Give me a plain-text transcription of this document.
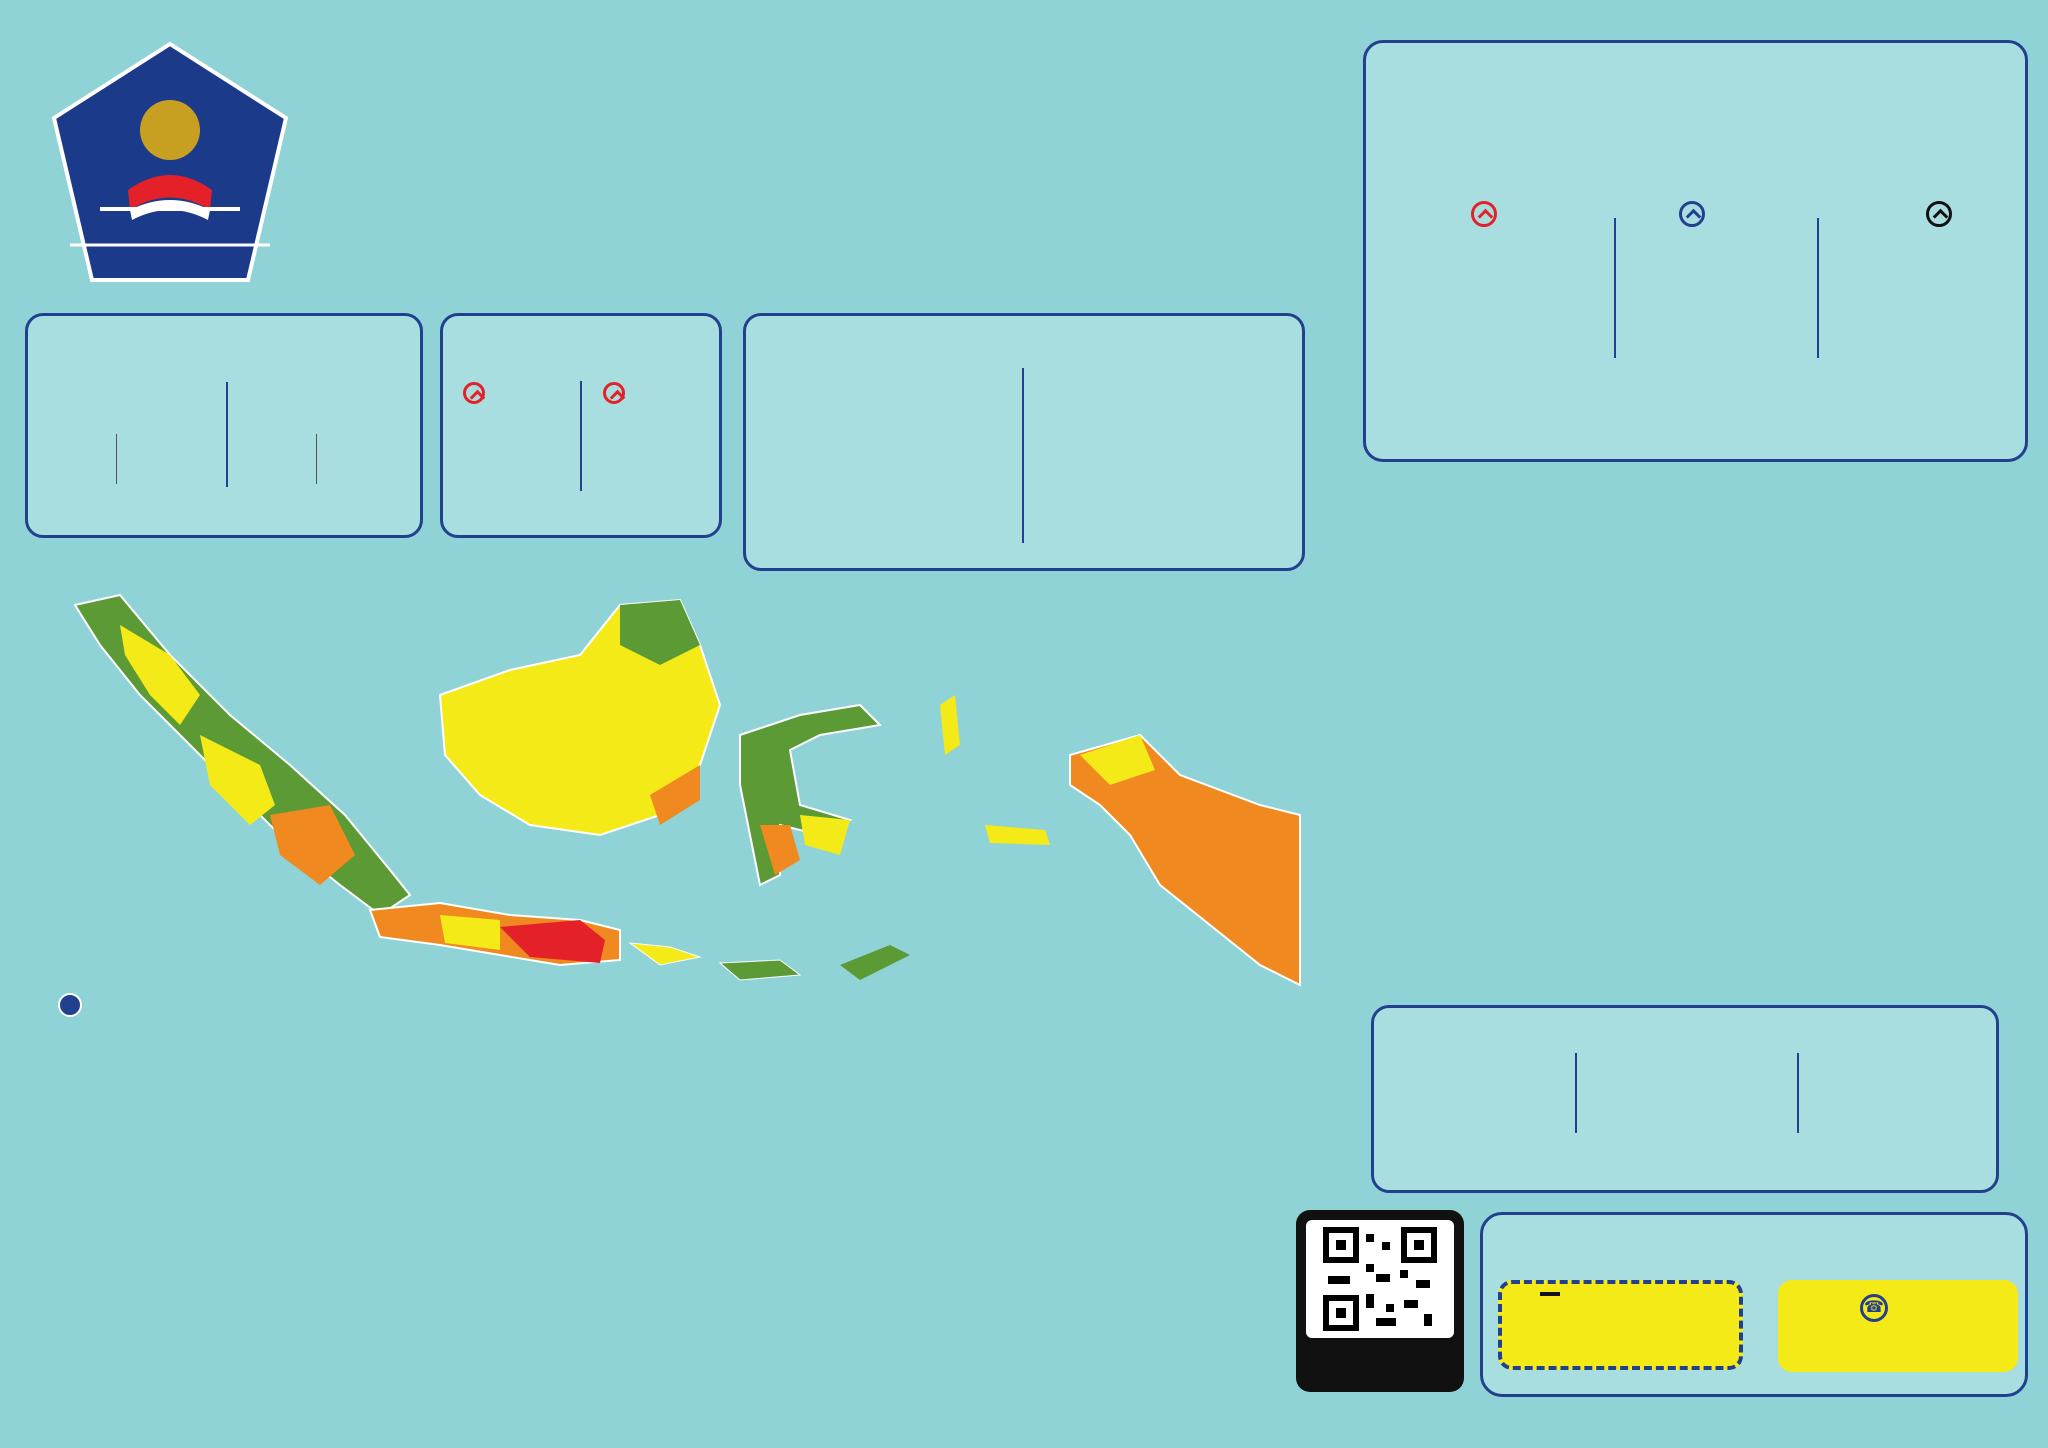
☎
